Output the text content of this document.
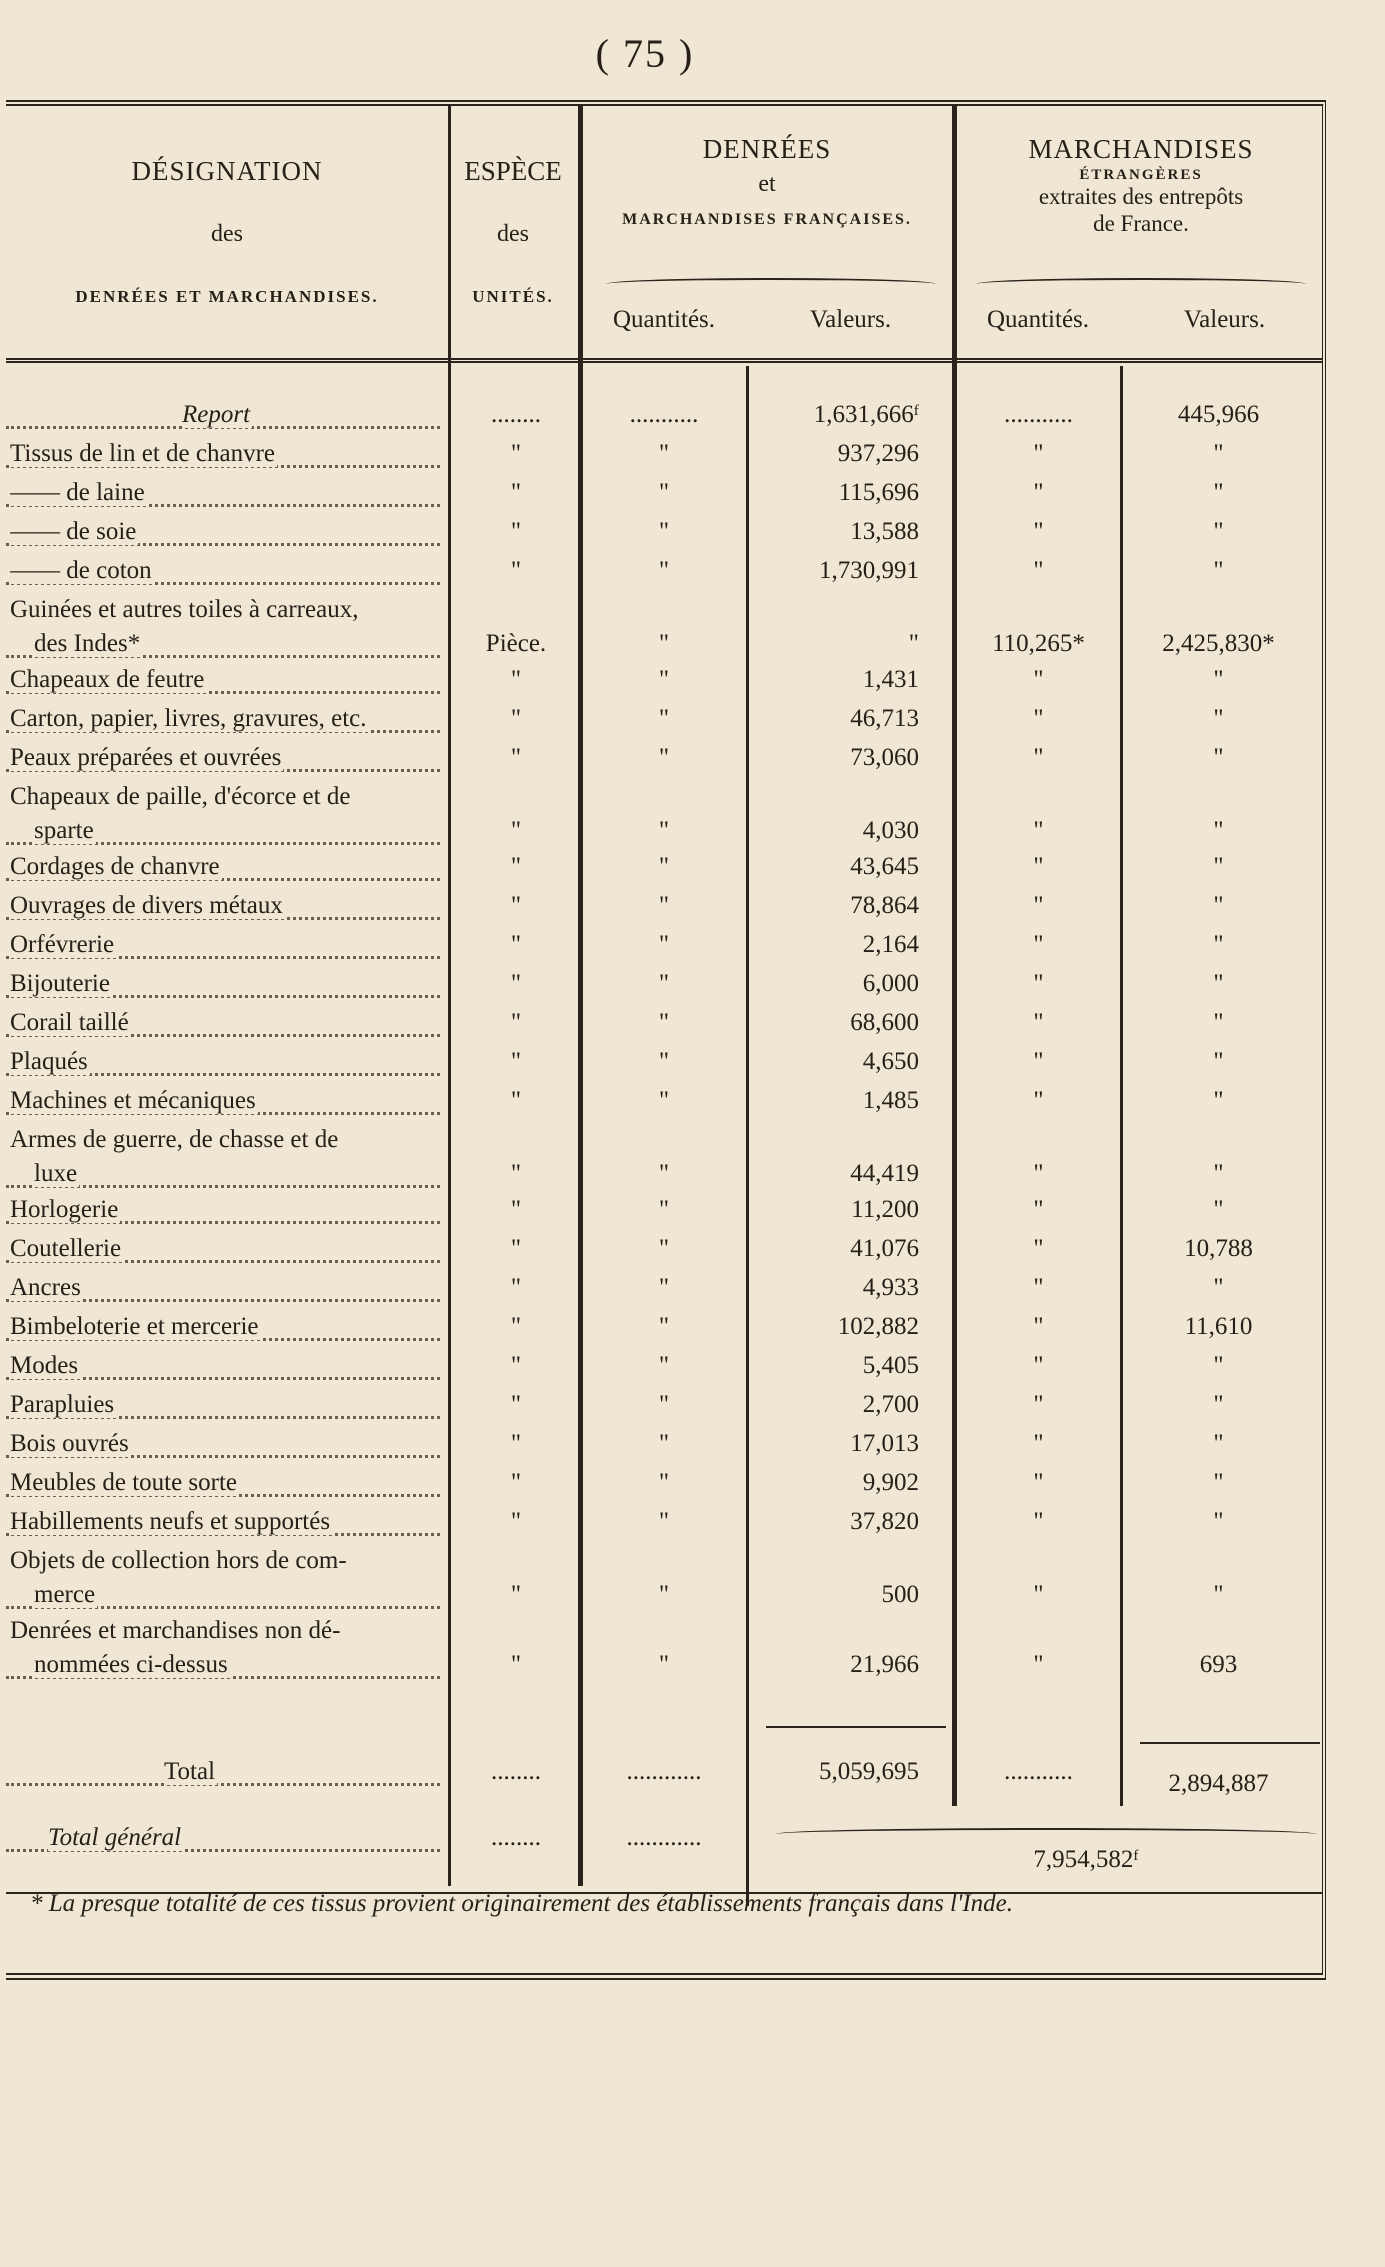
( 75 )
DÉSIGNATION
des
DENRÉES ET MARCHANDISES.
ESPÈCE
des
UNITÉS.
DENRÉES
et
MARCHANDISES FRANÇAISES.
MARCHANDISES
ÉTRANGÈRES
extraites des entrepôts
de France.
Quantités.	Valeurs.	Quantités.	Valeurs.
Report	........	...........	1,631,666ᶠ	...........	445,966
Tissus de lin et de chanvre	"	"	937,296	"	"
—— de laine	"	"	115,696	"	"
—— de soie	"	"	13,588	"	"
—— de coton	"	"	1,730,991	"	"
Guinées et autres toiles à carreaux,
des Indes*	Pièce.	"	"	110,265*	2,425,830*
Chapeaux de feutre	"	"	1,431	"	"
Carton, papier, livres, gravures, etc.	"	"	46,713	"	"
Peaux préparées et ouvrées	"	"	73,060	"	"
Chapeaux de paille, d'écorce et de
sparte	"	"	4,030	"	"
Cordages de chanvre	"	"	43,645	"	"
Ouvrages de divers métaux	"	"	78,864	"	"
Orfévrerie	"	"	2,164	"	"
Bijouterie	"	"	6,000	"	"
Corail taillé	"	"	68,600	"	"
Plaqués	"	"	4,650	"	"
Machines et mécaniques	"	"	1,485	"	"
Armes de guerre, de chasse et de
luxe	"	"	44,419	"	"
Horlogerie	"	"	11,200	"	"
Coutellerie	"	"	41,076	"	10,788
Ancres	"	"	4,933	"	"
Bimbeloterie et mercerie	"	"	102,882	"	11,610
Modes	"	"	5,405	"	"
Parapluies	"	"	2,700	"	"
Bois ouvrés	"	"	17,013	"	"
Meubles de toute sorte	"	"	9,902	"	"
Habillements neufs et supportés	"	"	37,820	"	"
Objets de collection hors de com-
merce	"	"	500	"	"
Denrées et marchandises non dé-
nommées ci-dessus	"	"	21,966	"	693
Total	........	............	5,059,695	...........	2,894,887
Total général	........	............
7,954,582ᶠ
* La presque totalité de ces tissus provient originairement des établissements français dans l'Inde.
